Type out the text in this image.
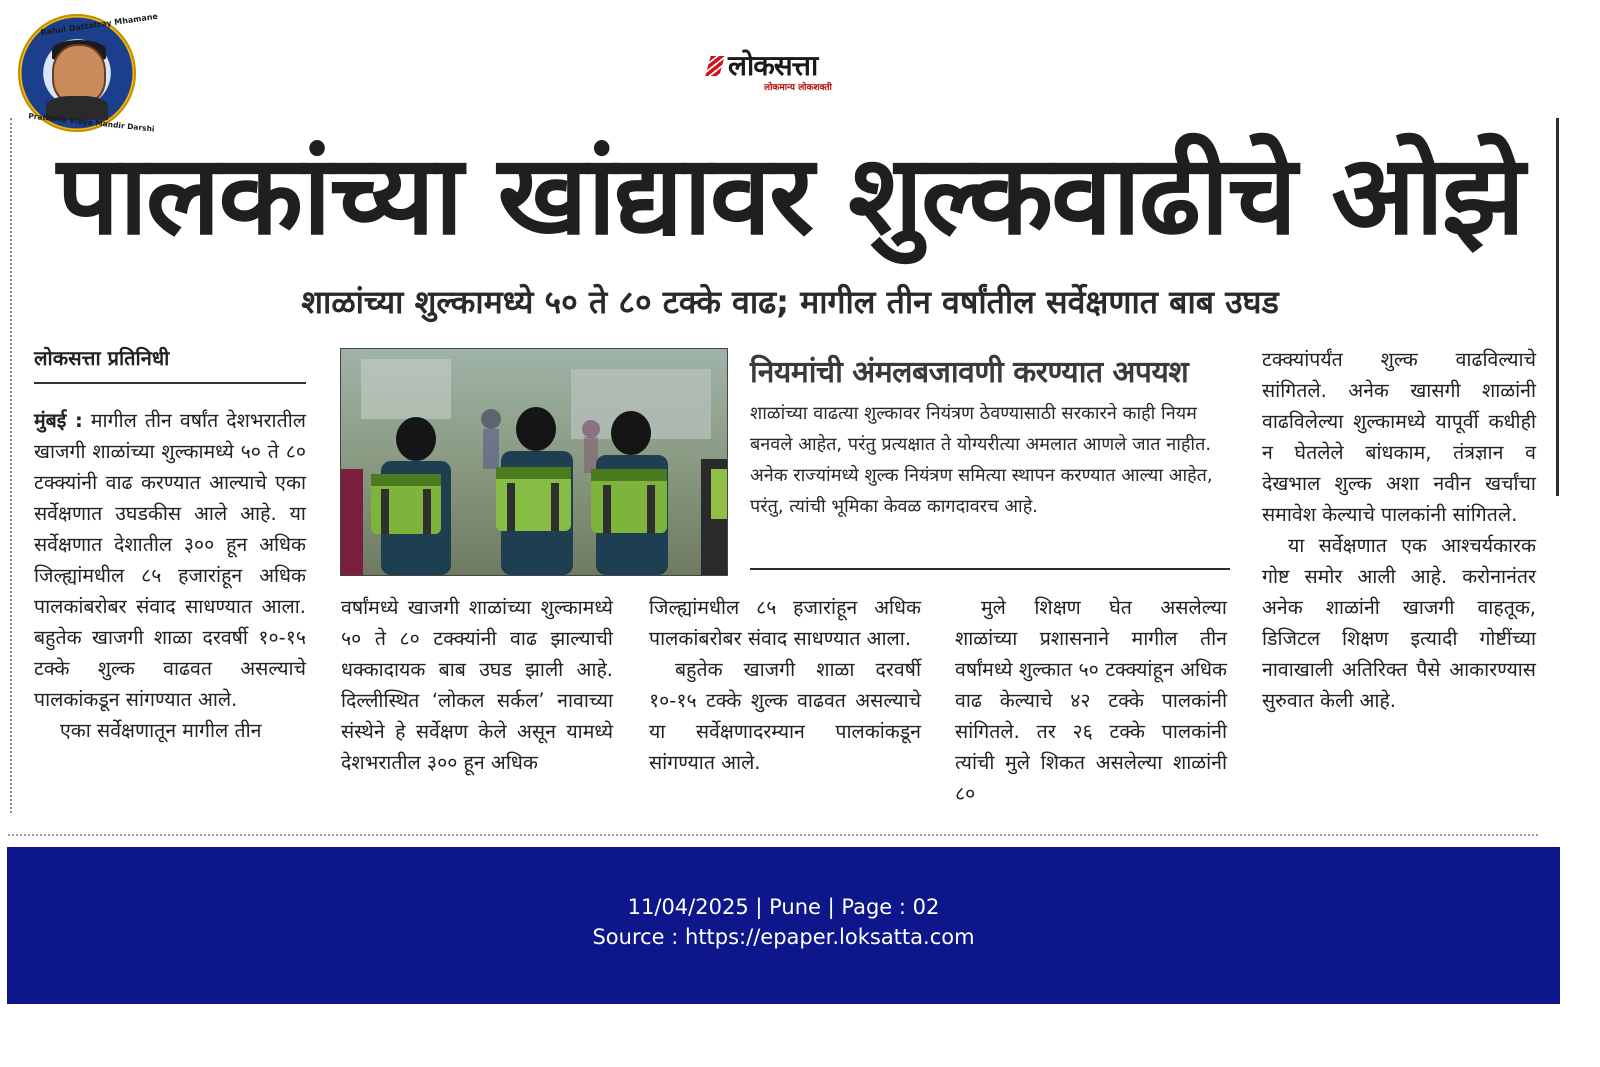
Rahul Dattatray Mhamane
Prathmik Vidya Mandir Darshi
लोकसत्ता
लोकमान्य लोकशक्ती
पालकांच्या खांद्यावर शुल्कवाढीचे ओझे
शाळांच्या शुल्कामध्ये ५० ते ८० टक्के वाढ; मागील तीन वर्षांतील सर्वेक्षणात बाब उघड
लोकसत्ता प्रतिनिधी

मुंबई : मागील तीन वर्षांत देशभरातील खाजगी शाळांच्या शुल्कामध्ये ५० ते ८० टक्क्यांनी वाढ करण्यात आल्याचे एका सर्वेक्षणात उघडकीस आले आहे. या सर्वेक्षणात देशातील ३०० हून अधिक जिल्ह्यांमधील ८५ हजारांहून अधिक पालकांबरोबर संवाद साधण्यात आला. बहुतेक खाजगी शाळा दरवर्षी १०-१५ टक्के शुल्क वाढवत असल्याचे पालकांकडून सांगण्यात आले.

एका सर्वेक्षणातून मागील तीन

नियमांची अंमलबजावणी करण्यात अपयश
शाळांच्या वाढत्या शुल्कावर नियंत्रण ठेवण्यासाठी सरकारने काही नियम बनवले आहेत, परंतु प्रत्यक्षात ते योग्यरीत्या अमलात आणले जात नाहीत. अनेक राज्यांमध्ये शुल्क नियंत्रण समित्या स्थापन करण्यात आल्या आहेत, परंतु, त्यांची भूमिका केवळ कागदावरच आहे.

वर्षांमध्ये खाजगी शाळांच्या शुल्कामध्ये ५० ते ८० टक्क्यांनी वाढ झाल्याची धक्कादायक बाब उघड झाली आहे. दिल्लीस्थित ‘लोकल सर्कल’ नावाच्या संस्थेने हे सर्वेक्षण केले असून यामध्ये देशभरातील ३०० हून अधिक

जिल्ह्यांमधील ८५ हजारांहून अधिक पालकांबरोबर संवाद साधण्यात आला.

बहुतेक खाजगी शाळा दरवर्षी १०-१५ टक्के शुल्क वाढवत असल्याचे या सर्वेक्षणादरम्यान पालकांकडून सांगण्यात आले.

मुले शिक्षण घेत असलेल्या शाळांच्या प्रशासनाने मागील तीन वर्षांमध्ये शुल्कात ५० टक्क्यांहून अधिक वाढ केल्याचे ४२ टक्के पालकांनी सांगितले. तर २६ टक्के पालकांनी त्यांची मुले शिकत असलेल्या शाळांनी ८०

टक्क्यांपर्यंत शुल्क वाढविल्याचे सांगितले. अनेक खासगी शाळांनी वाढविलेल्या शुल्कामध्ये यापूर्वी कधीही न घेतलेले बांधकाम, तंत्रज्ञान व देखभाल शुल्क अशा नवीन खर्चांचा समावेश केल्याचे पालकांनी सांगितले.

या सर्वेक्षणात एक आश्चर्यकारक गोष्ट समोर आली आहे. करोनानंतर अनेक शाळांनी खाजगी वाहतूक, डिजिटल शिक्षण इत्यादी गोष्टींच्या नावाखाली अतिरिक्त पैसे आकारण्यास सुरुवात केली आहे.

11/04/2025 | Pune | Page : 02
Source : https://epaper.loksatta.com
